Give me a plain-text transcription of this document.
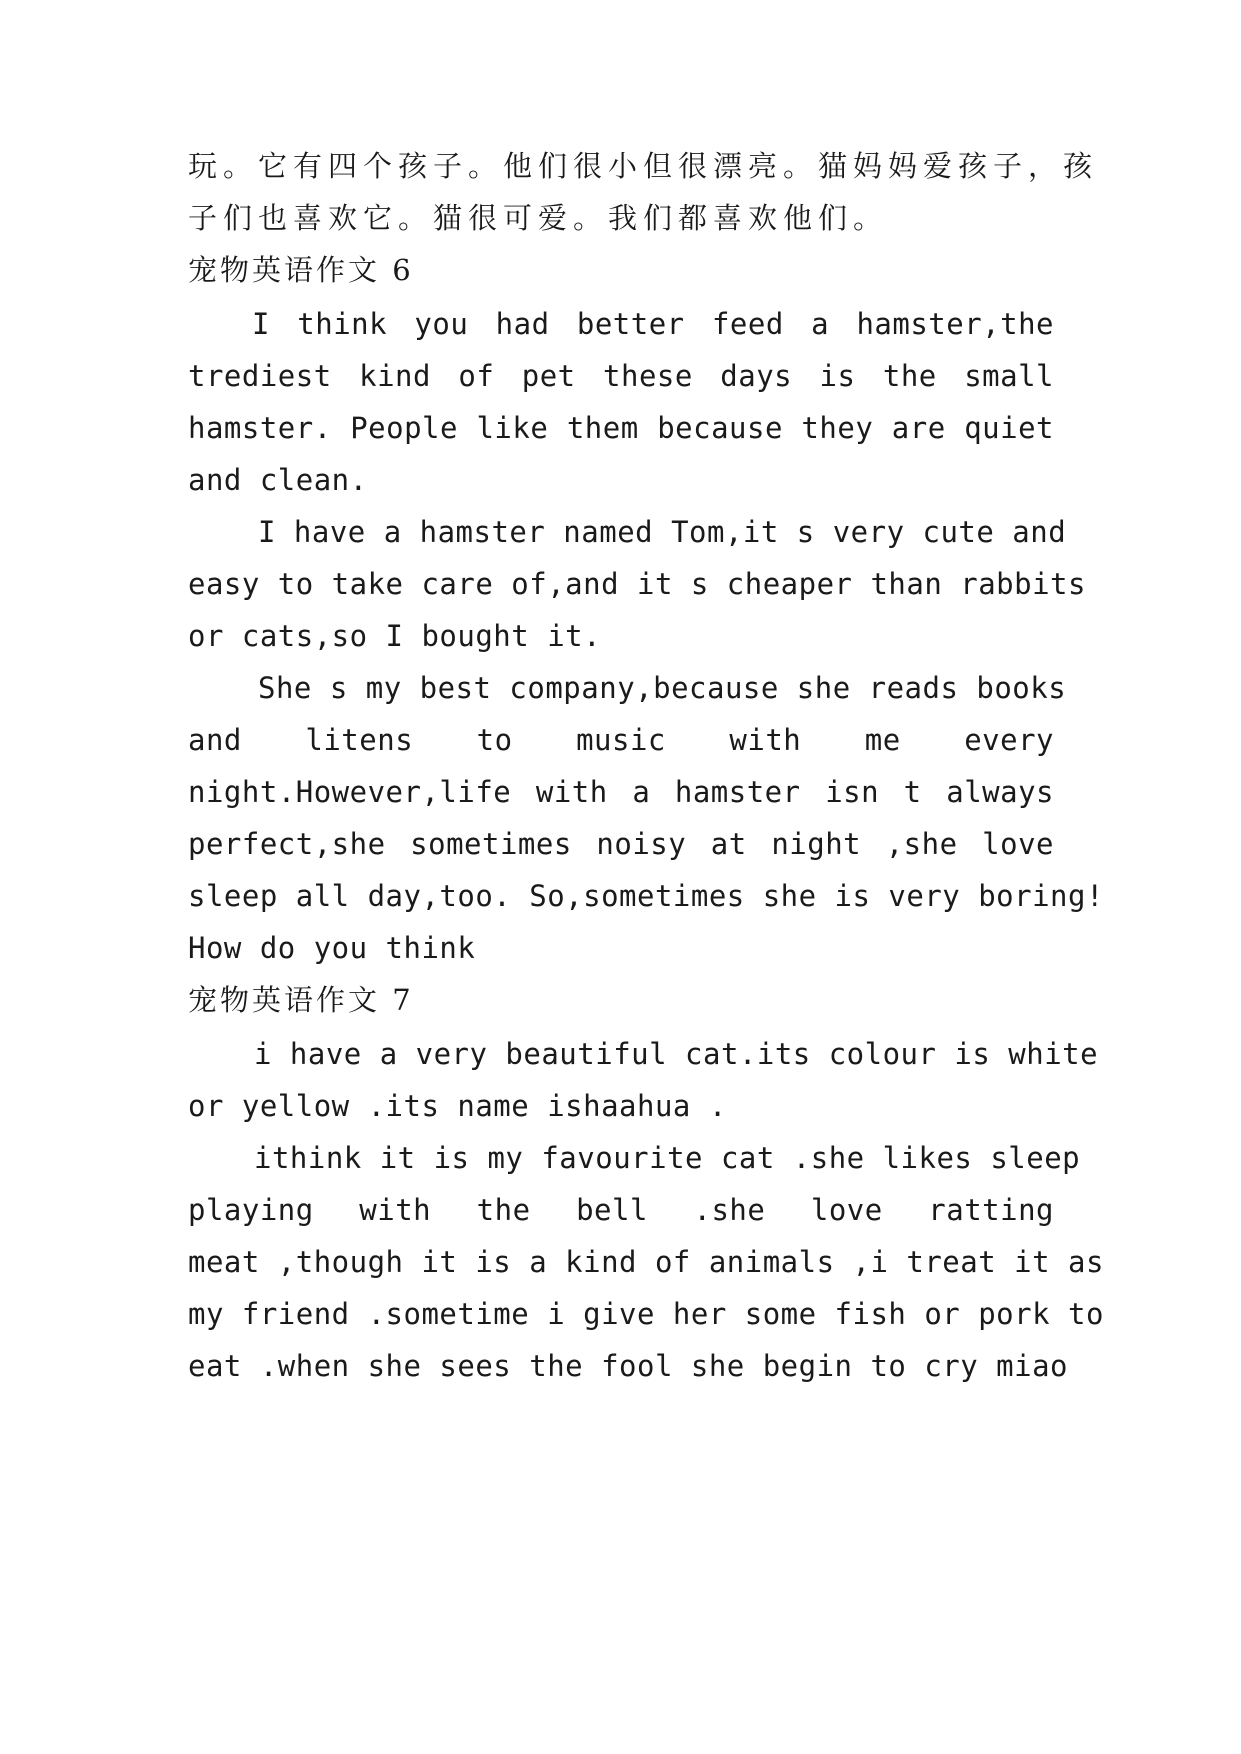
玩。它有四个孩子。他们很小但很漂亮。猫妈妈爱孩子，孩
子们也喜欢它。猫很可爱。我们都喜欢他们。
宠物英语作文 6
I think you had better feed a hamster,the
trediest kind of pet these days is the small
hamster. People like them because they are quiet
and clean.
I have a hamster named Tom,it s very cute and
easy to take care of,and it s cheaper than rabbits
or cats,so I bought it.
She s my best company,because she reads books
and litens to music with me every
night.However,life with a hamster isn t always
perfect,she sometimes noisy at night ,she love
sleep all day,too. So,sometimes she is very boring!
How do you think
宠物英语作文 7
i have a very beautiful cat.its colour is white
or yellow .its name ishaahua .
ithink it is my favourite cat .she likes sleep
playing with the bell .she love ratting
meat ,though it is a kind of animals ,i treat it as
my friend .sometime i give her some fish or pork to
eat .when she sees the fool she begin to cry miao
